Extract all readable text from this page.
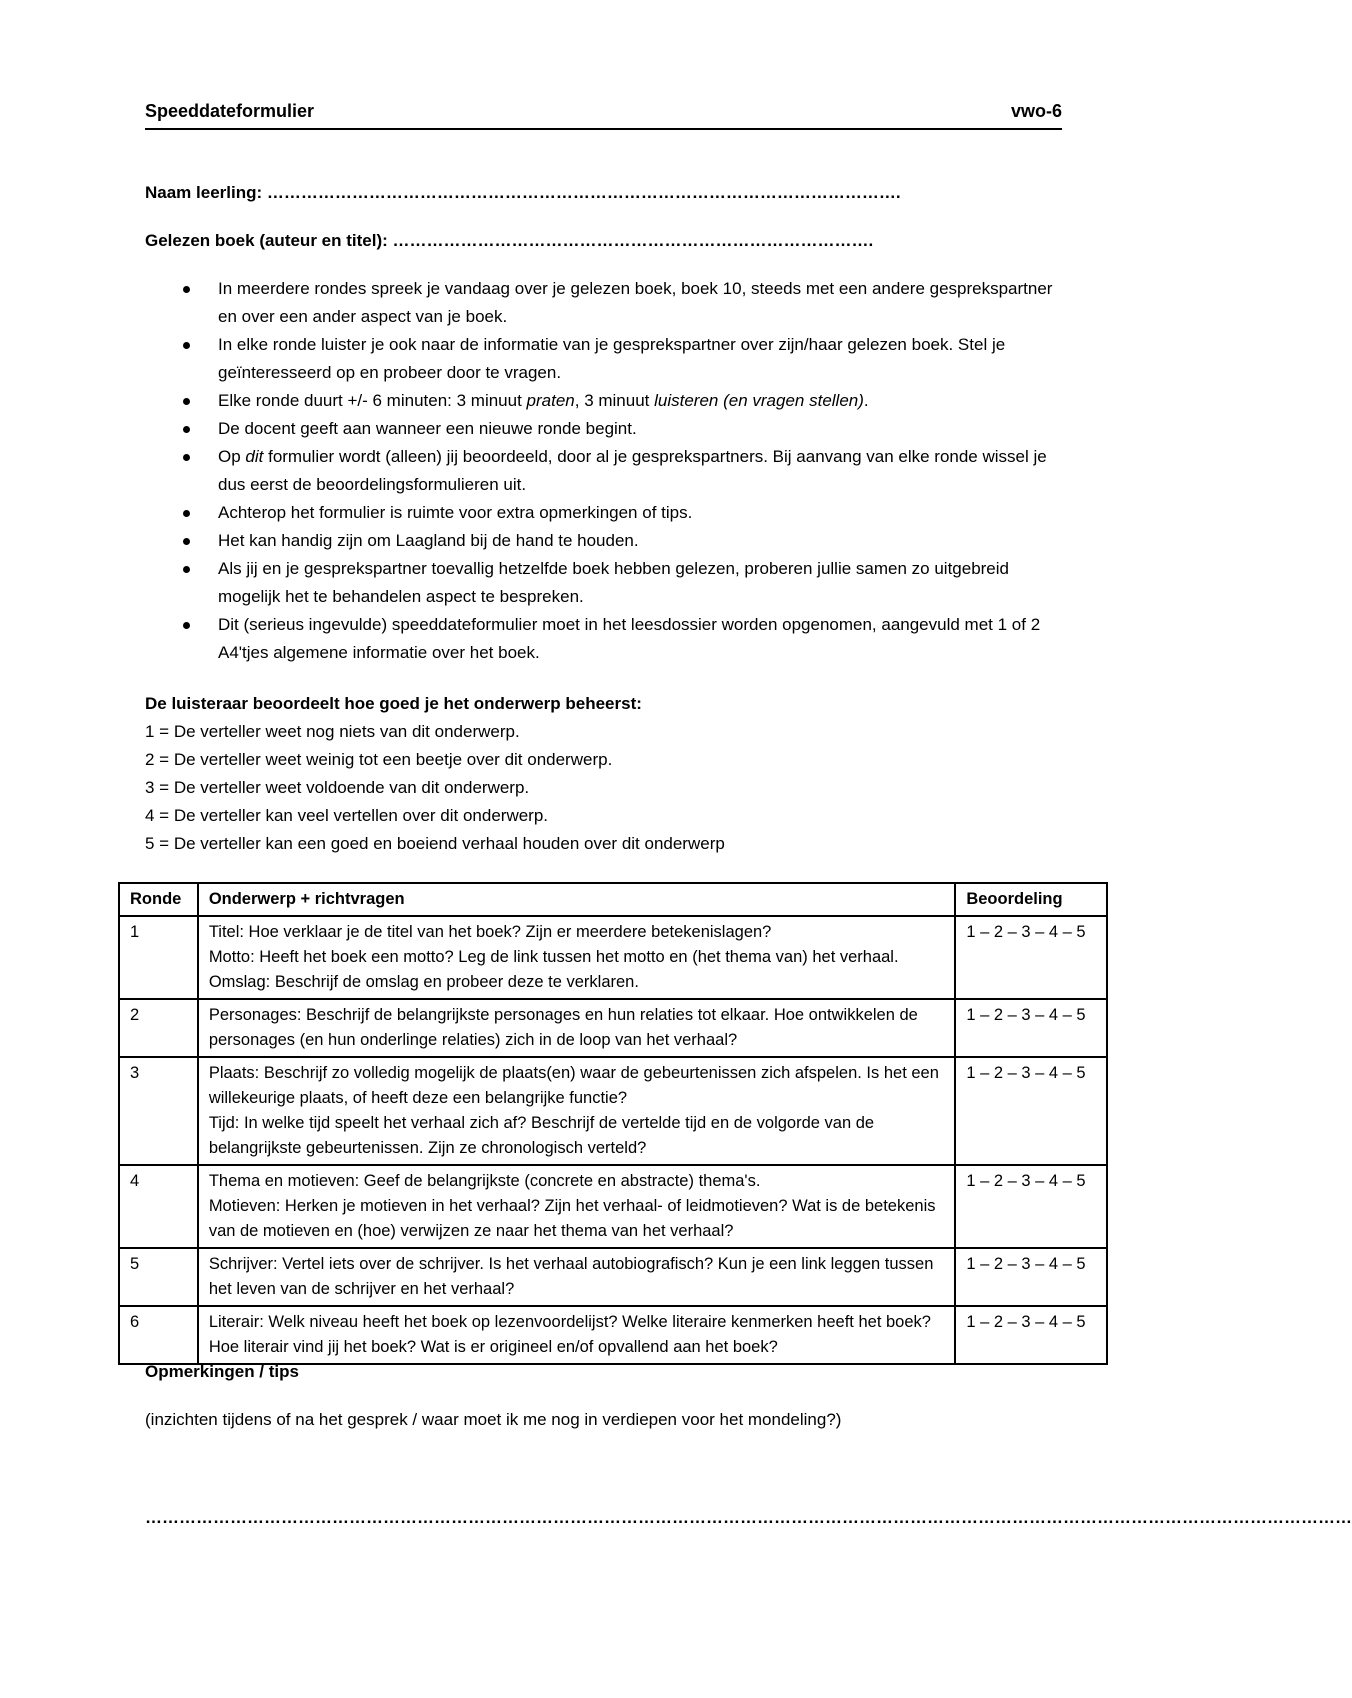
Speeddateformulier	vwo-6
Naam leerling: ………………………………………………………………………………………………….
Gelezen boek (auteur en titel): ………………………………………………………………………….
In meerdere rondes spreek je vandaag over je gelezen boek, boek 10, steeds met een andere gesprekspartner en over een ander aspect van je boek.
In elke ronde luister je ook naar de informatie van je gesprekspartner over zijn/haar gelezen boek. Stel je geïnteresseerd op en probeer door te vragen.
Elke ronde duurt +/- 6 minuten: 3 minuut praten, 3 minuut luisteren (en vragen stellen).
De docent geeft aan wanneer een nieuwe ronde begint.
Op dit formulier wordt (alleen) jij beoordeeld, door al je gesprekspartners. Bij aanvang van elke ronde wissel je dus eerst de beoordelingsformulieren uit.
Achterop het formulier is ruimte voor extra opmerkingen of tips.
Het kan handig zijn om Laagland bij de hand te houden.
Als jij en je gesprekspartner toevallig hetzelfde boek hebben gelezen, proberen jullie samen zo uitgebreid mogelijk het te behandelen aspect te bespreken.
Dit (serieus ingevulde) speeddateformulier moet in het leesdossier worden opgenomen, aangevuld met 1 of 2 A4'tjes algemene informatie over het boek.
De luisteraar beoordeelt hoe goed je het onderwerp beheerst:
1 = De verteller weet nog niets van dit onderwerp.
2 = De verteller weet weinig tot een beetje over dit onderwerp.
3 = De verteller weet voldoende van dit onderwerp.
4 = De verteller kan veel vertellen over dit onderwerp.
5 = De verteller kan een goed en boeiend verhaal houden over dit onderwerp
Ronde	Onderwerp + richtvragen	Beoordeling
1	Titel: Hoe verklaar je de titel van het boek? Zijn er meerdere betekenislagen?
Motto: Heeft het boek een motto? Leg de link tussen het motto en (het thema van) het verhaal.
Omslag: Beschrijf de omslag en probeer deze te verklaren.	1 – 2 – 3 – 4 – 5
2	Personages: Beschrijf de belangrijkste personages en hun relaties tot elkaar. Hoe ontwikkelen de personages (en hun onderlinge relaties) zich in de loop van het verhaal?	1 – 2 – 3 – 4 – 5
3	Plaats: Beschrijf zo volledig mogelijk de plaats(en) waar de gebeurtenissen zich afspelen. Is het een willekeurige plaats, of heeft deze een belangrijke functie?
Tijd: In welke tijd speelt het verhaal zich af? Beschrijf de vertelde tijd en de volgorde van de belangrijkste gebeurtenissen. Zijn ze chronologisch verteld?	1 – 2 – 3 – 4 – 5
4	Thema en motieven: Geef de belangrijkste (concrete en abstracte) thema's.
Motieven: Herken je motieven in het verhaal? Zijn het verhaal- of leidmotieven? Wat is de betekenis van de motieven en (hoe) verwijzen ze naar het thema van het verhaal?	1 – 2 – 3 – 4 – 5
5	Schrijver: Vertel iets over de schrijver. Is het verhaal autobiografisch? Kun je een link leggen tussen het leven van de schrijver en het verhaal?	1 – 2 – 3 – 4 – 5
6	Literair: Welk niveau heeft het boek op lezenvoordelijst? Welke literaire kenmerken heeft het boek? Hoe literair vind jij het boek? Wat is er origineel en/of opvallend aan het boek?	1 – 2 – 3 – 4 – 5
Opmerkingen / tips
(inzichten tijdens of na het gesprek / waar moet ik me nog in verdiepen voor het mondeling?)
……………………………………………………………………………………………………………………………………………………………………………………………
